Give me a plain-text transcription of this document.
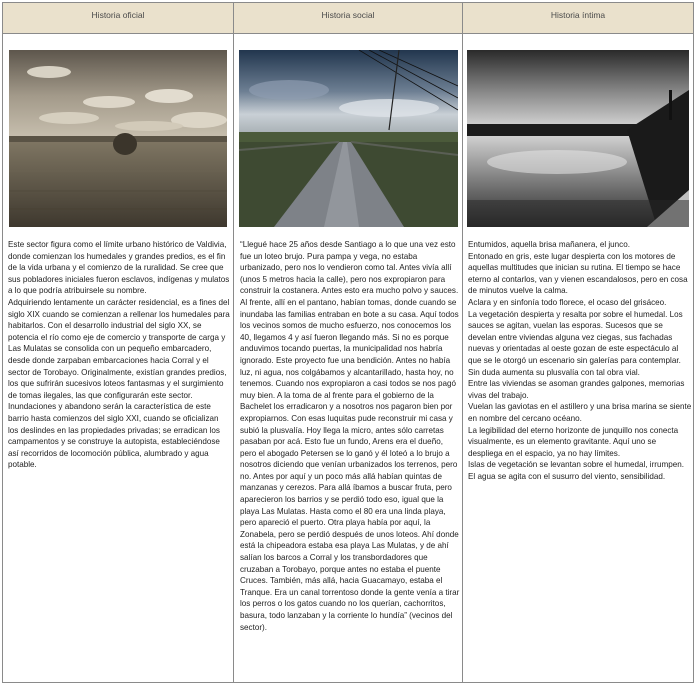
Historia oficial

Este sector figura como el límite urbano histórico de Valdivia, donde comienzan los humedales y grandes predios, es el fin de la vida urbana y el comienzo de la ruralidad. Se cree que sus pobladores iniciales fueron esclavos, indígenas y mulatos a lo que podría atribuirsele su nombre.

Adquiriendo lentamente un carácter residencial, es a fines del siglo XIX cuando se comienzan a rellenar los humedales para habitarlos. Con el desarrollo industrial del siglo XX, se potencia el río como eje de comercio y transporte de carga y Las Mulatas se consolida con un pequeño embarcadero, desde donde zarpaban embarcaciones hacia Corral y el sector de Torobayo. Originalmente, existían grandes predios, los que sufrirán sucesivos loteos fantasmas y el surgimiento de tomas ilegales, las que configurarán este sector. Inundaciones y abandono serán la característica de este barrio hasta comienzos del siglo XXI, cuando se oficializan los deslindes en las propiedades privadas; se erradican los campamentos y se construye la autopista, estableciéndose así recorridos de locomoción pública, alumbrado y agua potable.

Historia social

“Llegué hace 25 años desde Santiago a lo que una vez esto fue un loteo brujo. Pura pampa y vega, no estaba urbanizado, pero nos lo vendieron como tal. Antes vivía allí (unos 5 metros hacia la calle), pero nos expropiaron para construir la costanera. Antes esto era mucho polvo y sauces. Al frente, allí en el pantano, habían tomas, donde cuando se inundaba las familias entraban en bote a su casa. Aquí todos los vecinos somos de mucho esfuerzo, nos conocemos los 40, llegamos 4 y así fueron llegando más. Si no es porque anduvimos tocando puertas, la municipalidad nos habría ignorado. Este proyecto fue una bendición. Antes no había luz, ni agua, nos colgábamos y alcantarillado, hasta hoy, no tenemos. Cuando nos expropiaron a casi todos se nos pagó muy bien. A la toma de al frente para el gobierno de la Bachelet los erradicaron y a nosotros nos pagaron bien por expropiarnos. Con esas luquitas pude reconstruir mi casa y subió la plusvalía. Hoy llega la micro, antes sólo carretas pasaban por acá. Esto fue un fundo, Arens era el dueño, pero el abogado Petersen se lo ganó y él loteó a lo brujo a nosotros diciendo que venían urbanizados los terrenos, pero no. Antes por aquí y un poco más allá habían quintas de manzanas y cerezos. Para allá íbamos a buscar fruta, pero aparecieron los barrios y se perdió todo eso, igual que la playa Las Mulatas. Hasta como el 80 era una linda playa, pero apareció el puerto. Otra playa había por aquí, la Zonabela, pero se perdió después de unos loteos. Ahí donde está la chipeadora estaba esa playa Las Mulatas, y de ahí salían los barcos a Corral y los transbordadores que cruzaban a Torobayo, porque antes no estaba el puente Cruces. También, más allá, hacia Guacamayo, estaba el Tranque. Era un canal torrentoso donde la gente venía a tirar los perros o los gatos cuando no los querían, cachorritos, basura, todo lanzaban y la corriente lo hundía” (vecinos del sector).

Historia íntima

Entumidos, aquella brisa mañanera, el junco.

Entonado en gris, este lugar despierta con los motores de aquellas multitudes que inician su rutina. El tiempo se hace eterno al contarlos, van y vienen escandalosos, pero en cosa de minutos vuelve la calma.

Aclara y en sinfonía todo florece, el ocaso del grisáceo.

La vegetación despierta y resalta por sobre el humedal. Los sauces se agitan, vuelan las esporas. Sucesos que se develan entre viviendas alguna vez ciegas, sus fachadas nuevas y orientadas al oeste gozan de este espectáculo al que se le otorgó un escenario sin galerías para contemplar. Sin duda aumenta su plusvalía con tal obra vial.

Entre las viviendas se asoman grandes galpones, memorias vivas del trabajo.

Vuelan las gaviotas en el astillero y una brisa marina se siente en nombre del cercano océano.

La legibilidad del eterno horizonte de junquillo nos conecta visualmente, es un elemento gravitante. Aquí uno se despliega en el espacio, ya no hay límites.

Islas de vegetación se levantan sobre el humedal, irrumpen.

El agua se agita con el susurro del viento, sensibilidad.
